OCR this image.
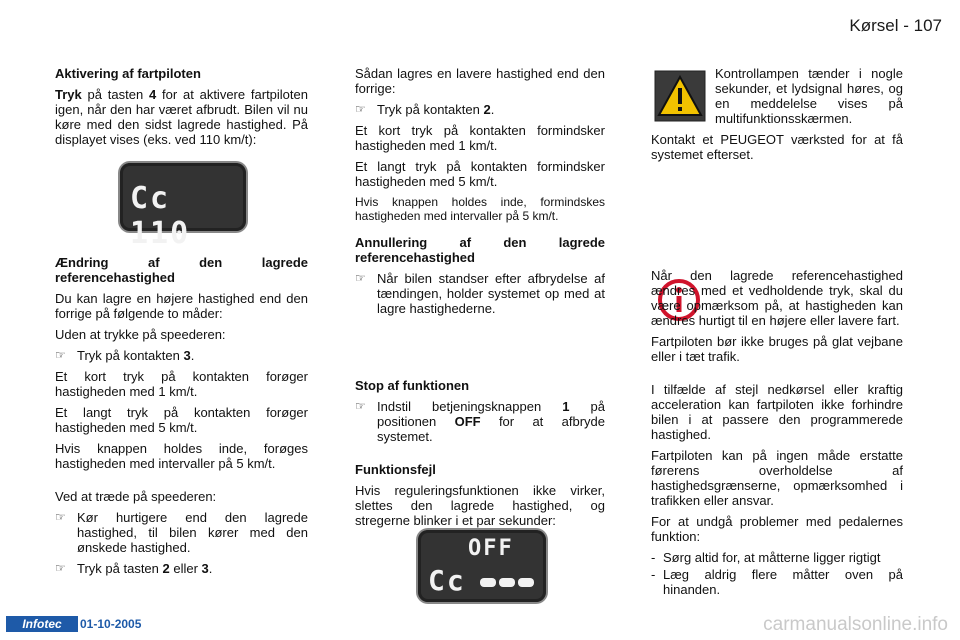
Kørsel - 107

Aktivering af fartpiloten

Tryk på tasten 4 for at aktivere fartpiloten igen, når den har været afbrudt. Bilen vil nu køre med den sidst lagrede hastighed. På displayet vises (eks. ved 110 km/t):

Ændring af den lagrede referencehastighed

Du kan lagre en højere hastighed end den forrige på følgende to måder:

Uden at trykke på speederen:

☞ Tryk på kontakten 3.

Et kort tryk på kontakten forøger hastigheden med 1 km/t.

Et langt tryk på kontakten forøger hastigheden med 5 km/t.

Hvis knappen holdes inde, forøges hastigheden med intervaller på 5 km/t.

Ved at træde på speederen:

☞ Kør hurtigere end den lagrede hastighed, til bilen kører med den ønskede hastighed.
☞ Tryk på tasten 2 eller 3.
Cc 110

Sådan lagres en lavere hastighed end den forrige:

☞ Tryk på kontakten 2.

Et kort tryk på kontakten formindsker hastigheden med 1 km/t.

Et langt tryk på kontakten formindsker hastigheden med 5 km/t.

Hvis knappen holdes inde, formindskes hastigheden med intervaller på 5 km/t.

Annullering af den lagrede referencehastighed

☞ Når bilen standser efter afbrydelse af tændingen, holder systemet op med at lagre hastighederne.

Stop af funktionen

☞ Indstil betjeningsknappen 1 på positionen OFF for at afbryde systemet.

Funktionsfejl

Hvis reguleringsfunktionen ikke virker, slettes den lagrede hastighed, og stregerne blinker i et par sekunder:

OFF
Cc

Kontrollampen tænder i nogle sekunder, et lydsignal høres, og en meddelelse vises på multifunktionsskærmen.

Kontakt et PEUGEOT værksted for at få systemet efterset.

Når den lagrede referencehastighed ændres med et vedholdende tryk, skal du være opmærksom på, at hastigheden kan ændres hurtigt til en højere eller lavere fart.

Fartpiloten bør ikke bruges på glat vejbane eller i tæt trafik.

I tilfælde af stejl nedkørsel eller kraftig acceleration kan fartpiloten ikke forhindre bilen i at passere den programmerede hastighed.

Fartpiloten kan på ingen måde erstatte førerens overholdelse af hastighedsgrænserne, opmærksomhed i trafikken eller ansvar.

For at undgå problemer med pedalernes funktion:

- Sørg altid for, at måtterne ligger rigtigt
- Læg aldrig flere måtter oven på hinanden.
Infotec	01-10-2005	carmanualsonline.info
